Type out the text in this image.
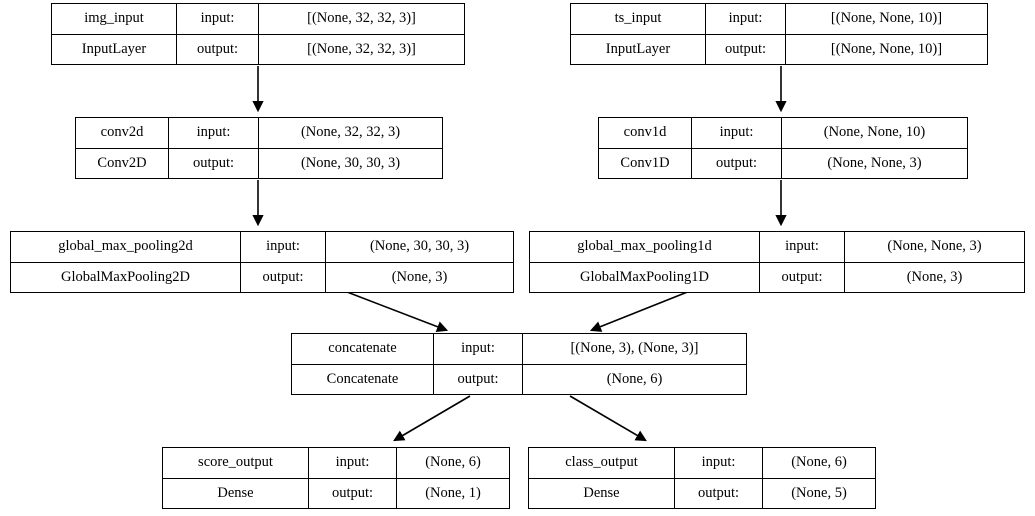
img_input	input:	[(None, 32, 32, 3)]
InputLayer	output:	[(None, 32, 32, 3)]
ts_input	input:	[(None, None, 10)]
InputLayer	output:	[(None, None, 10)]
conv2d	input:	(None, 32, 32, 3)
Conv2D	output:	(None, 30, 30, 3)
conv1d	input:	(None, None, 10)
Conv1D	output:	(None, None, 3)
global_max_pooling2d	input:	(None, 30, 30, 3)
GlobalMaxPooling2D	output:	(None, 3)
global_max_pooling1d	input:	(None, None, 3)
GlobalMaxPooling1D	output:	(None, 3)
concatenate	input:	[(None, 3), (None, 3)]
Concatenate	output:	(None, 6)
score_output	input:	(None, 6)
Dense	output:	(None, 1)
class_output	input:	(None, 6)
Dense	output:	(None, 5)
